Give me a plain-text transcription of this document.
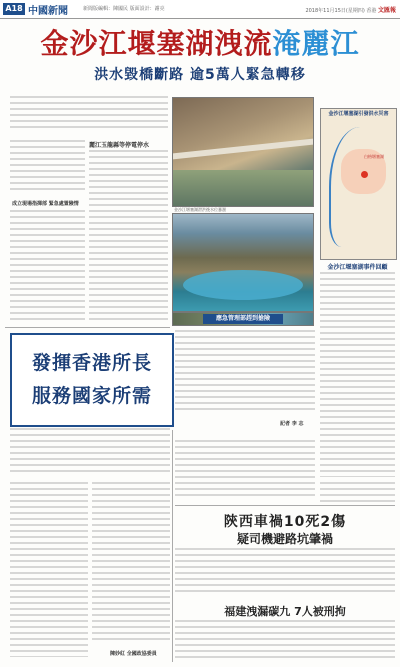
A18 中國新聞	新聞版編輯：陳國民 版面設計：謝亮	2018年11月15日(星期四) 香港 文匯報
金沙江堰塞湖洩流淹麗江
洪水毀橋斷路 逾5萬人緊急轉移
麗江玉龍縣等停電停水
成立現場指揮部 緊急處置險情
金沙江堰塞湖泄洪後水位暴漲
應急管理部趕到搶險
金沙江堰塞湖引發洪水災害
白格堰塞湖
金沙江堰塞湖事件回顧
記者 李 志
發揮香港所長
服務國家所需
陳妙紅 全國政協委員
陝西車禍10死2傷
疑司機避路坑肇禍
福建洩漏碳九 7人被刑拘
